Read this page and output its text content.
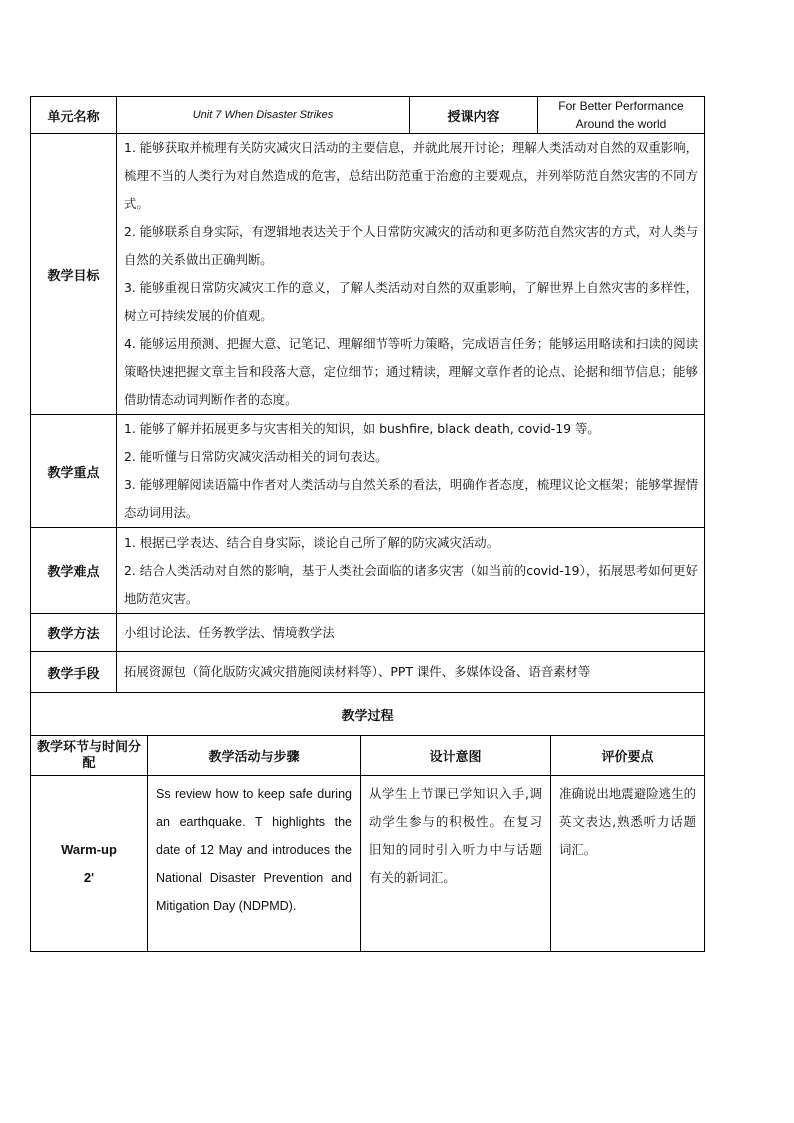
单元名称	Unit 7 When Disaster Strikes	授课内容	For Better Performance Around the world
教学目标	1. 能够获取并梳理有关防灾减灾日活动的主要信息，并就此展开讨论；理解人类活动对自然的双重影响，梳理不当的人类行为对自然造成的危害，总结出防范重于治愈的主要观点，并列举防范自然灾害的不同方式。

2. 能够联系自身实际，有逻辑地表达关于个人日常防灾减灾的活动和更多防范自然灾害的方式，对人类与自然的关系做出正确判断。

3. 能够重视日常防灾减灾工作的意义，了解人类活动对自然的双重影响，了解世界上自然灾害的多样性，树立可持续发展的价值观。

4. 能够运用预测、把握大意、记笔记、理解细节等听力策略，完成语言任务；能够运用略读和扫读的阅读策略快速把握文章主旨和段落大意，定位细节；通过精读，理解文章作者的论点、论据和细节信息；能够借助情态动词判断作者的态度。		

教学重点	1. 能够了解并拓展更多与灾害相关的知识，如 bushfire, black death, covid-19 等。

2. 能听懂与日常防灾减灾活动相关的词句表达。

3. 能够理解阅读语篇中作者对人类活动与自然关系的看法，明确作者态度，梳理议论文框架；能够掌握情态动词用法。		

教学难点	1. 根据已学表达、结合自身实际，谈论自己所了解的防灾减灾活动。

2. 结合人类活动对自然的影响，基于人类社会面临的诸多灾害（如当前的covid-19），拓展思考如何更好地防范灾害。		

教学方法	小组讨论法、任务教学法、情境教学法		
教学手段	拓展资源包（简化版防灾减灾措施阅读材料等）、PPT 课件、多媒体设备、语音素材等		
教学过程			
教学环节与时间分配	教学活动与步骤	设计意图	评价要点

Warm-up
2'	Ss review how to keep safe during an earthquake. T highlights the date of 12 May and introduces the National Disaster Prevention and Mitigation Day (NDPMD).	从学生上节课已学知识入手,调动学生参与的积极性。在复习旧知的同时引入听力中与话题有关的新词汇。	准确说出地震避险逃生的英文表达,熟悉听力话题词汇。
